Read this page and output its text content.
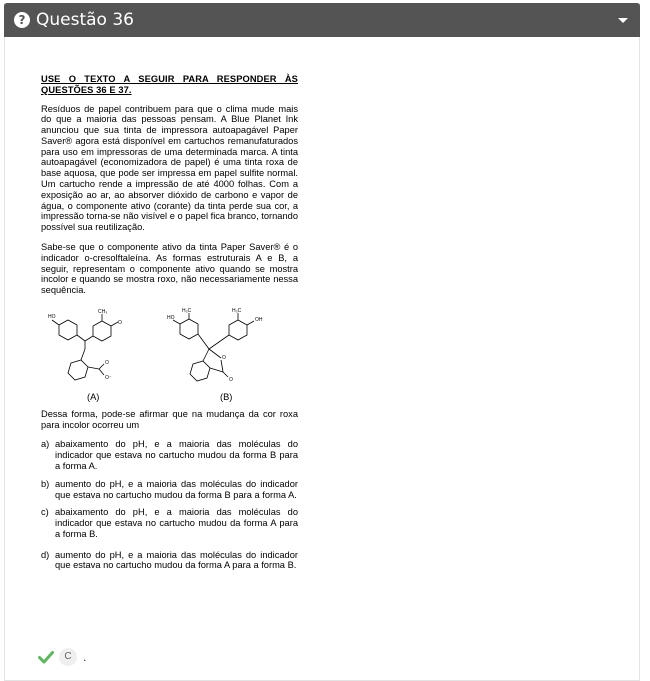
? Questão 36

USE O TEXTO A SEGUIR PARA RESPONDER ÀS QUESTÕES 36 E 37.

Resíduos de papel contribuem para que o clima mude mais do que a maioria das pessoas pensam. A Blue Planet Ink anunciou que sua tinta de impressora autoapagável Paper Saver® agora está disponível em cartuchos remanufaturados para uso em impressoras de uma determinada marca. A tinta autoapagável (economizadora de papel) é uma tinta roxa de base aquosa, que pode ser impressa em papel sulfite normal. Um cartucho rende a impressão de até 4000 folhas. Com a exposição ao ar, ao absorver dióxido de carbono e vapor de água, o componente ativo (corante) da tinta perde sua cor, a impressão torna-se não visível e o papel fica branco, tornando possível sua reutilização.

Sabe-se que o componente ativo da tinta Paper Saver® é o indicador o-cresolftaleína. As formas estruturais A e B, a seguir, representam o componente ativo quando se mostra incolor e quando se mostra roxo, não necessariamente nessa sequência.

HO
CH₃
O
O
O⁻
H₃C	H₃C
HO	OH
O
O
(A)	(B)

Dessa forma, pode-se afirmar que na mudança da cor roxa para incolor ocorreu um

a) abaixamento do pH, e a maioria das moléculas do indicador que estava no cartucho mudou da forma B para a forma A.
b) aumento do pH, e a maioria das moléculas do indicador que estava no cartucho mudou da forma B para a forma A.
c) abaixamento do pH, e a maioria das moléculas do indicador que estava no cartucho mudou da forma A para a forma B.
d) aumento do pH, e a maioria das moléculas do indicador que estava no cartucho mudou da forma A para a forma B.
C .
